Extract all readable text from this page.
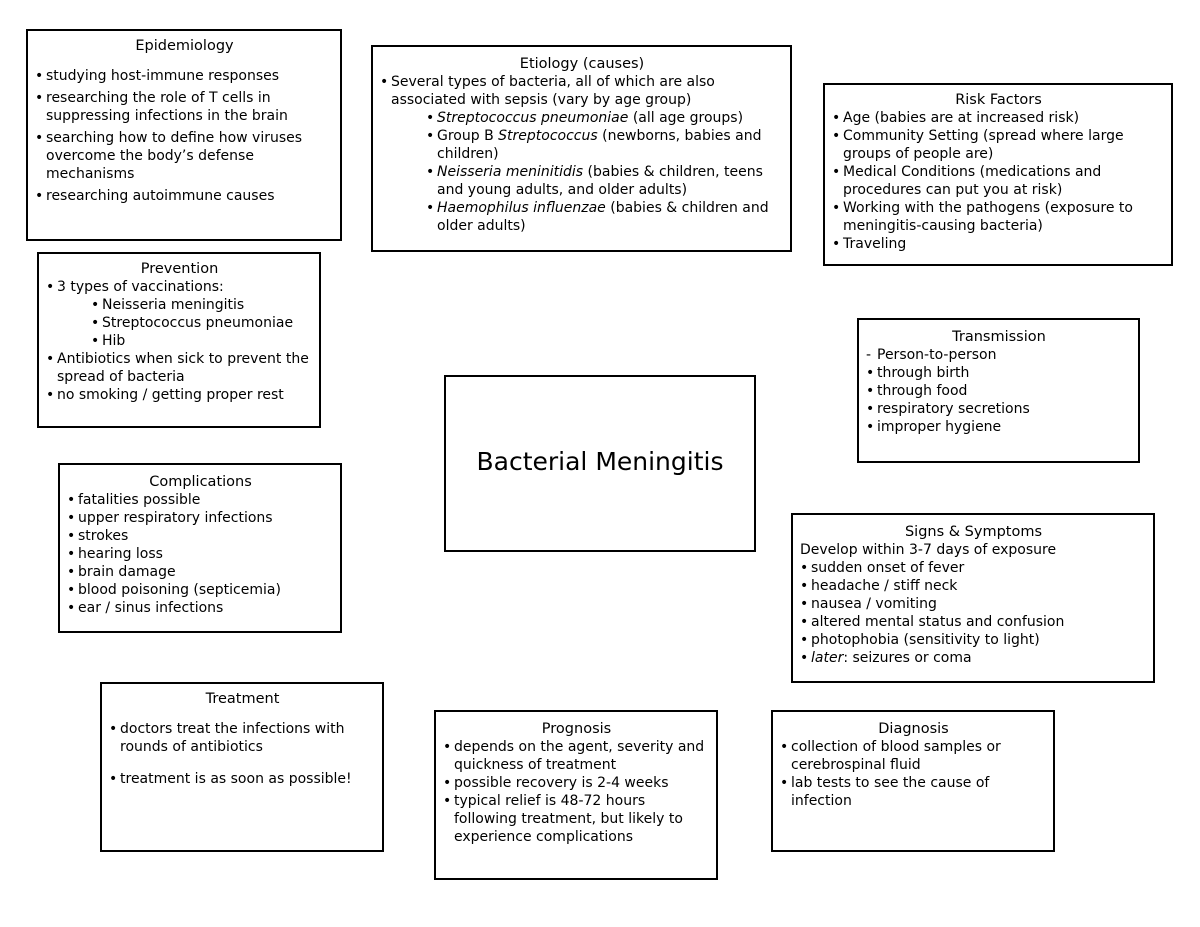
Epidemiology
• studying host-immune responses
• researching the role of T cells in suppressing infections in the brain
• searching how to define how viruses overcome the body’s defense mechanisms
• researching autoimmune causes
Etiology (causes)
• Several types of bacteria, all of which are also associated with sepsis (vary by age group)
• Streptococcus pneumoniae (all age groups)
• Group B Streptococcus (newborns, babies and children)
• Neisseria meninitidis (babies & children, teens and young adults, and older adults)
• Haemophilus influenzae (babies & children and older adults)
Risk Factors
• Age (babies are at increased risk)
• Community Setting (spread where large groups of people are)
• Medical Conditions (medications and procedures can put you at risk)
• Working with the pathogens (exposure to meningitis-causing bacteria)
• Traveling
Prevention
• 3 types of vaccinations:
• Neisseria meningitis
• Streptococcus pneumoniae
• Hib
• Antibiotics when sick to prevent the spread of bacteria
• no smoking / getting proper rest
Transmission
- Person-to-person
• through birth
• through food
• respiratory secretions
• improper hygiene
Bacterial Meningitis
Complications
• fatalities possible
• upper respiratory infections
• strokes
• hearing loss
• brain damage
• blood poisoning (septicemia)
• ear / sinus infections
Signs & Symptoms
Develop within 3-7 days of exposure
• sudden onset of fever
• headache / stiff neck
• nausea / vomiting
• altered mental status and confusion
• photophobia (sensitivity to light)
• later: seizures or coma
Treatment
• doctors treat the infections with rounds of antibiotics
• treatment is as soon as possible!
Prognosis
• depends on the agent, severity and quickness of treatment
• possible recovery is 2-4 weeks
• typical relief is 48-72 hours following treatment, but likely to experience complications
Diagnosis
• collection of blood samples or cerebrospinal fluid
• lab tests to see the cause of infection
